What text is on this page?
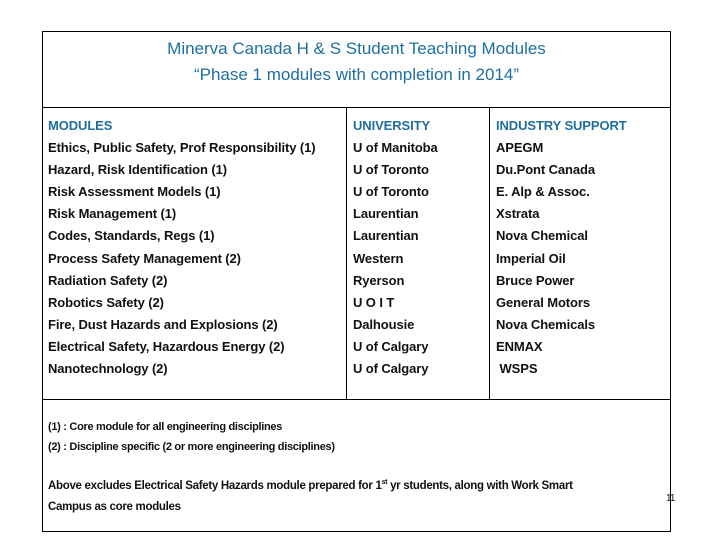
Minerva Canada H & S Student Teaching Modules
“Phase 1 modules with completion in 2014”
MODULES
Ethics, Public Safety, Prof Responsibility (1)
Hazard, Risk Identification (1)
Risk Assessment Models (1)
Risk Management (1)
Codes, Standards, Regs (1)
Process Safety Management (2)
Radiation Safety (2)
Robotics Safety (2)
Fire, Dust Hazards and Explosions (2)
Electrical Safety, Hazardous Energy (2)
Nanotechnology (2)
UNIVERSITY
U of Manitoba
U of Toronto
U of Toronto
Laurentian
Laurentian
Western
Ryerson
U O I T
Dalhousie
U of Calgary
U of Calgary
INDUSTRY SUPPORT
APEGM
Du.Pont Canada
E. Alp & Assoc.
Xstrata
Nova Chemical
Imperial Oil
Bruce Power
General Motors
Nova Chemicals
ENMAX
WSPS
(1) : Core module for all engineering disciplines
(2) : Discipline specific (2 or more engineering disciplines)
Above excludes Electrical Safety Hazards module prepared for 1st yr students, along with Work Smart
Campus as core modules
11
